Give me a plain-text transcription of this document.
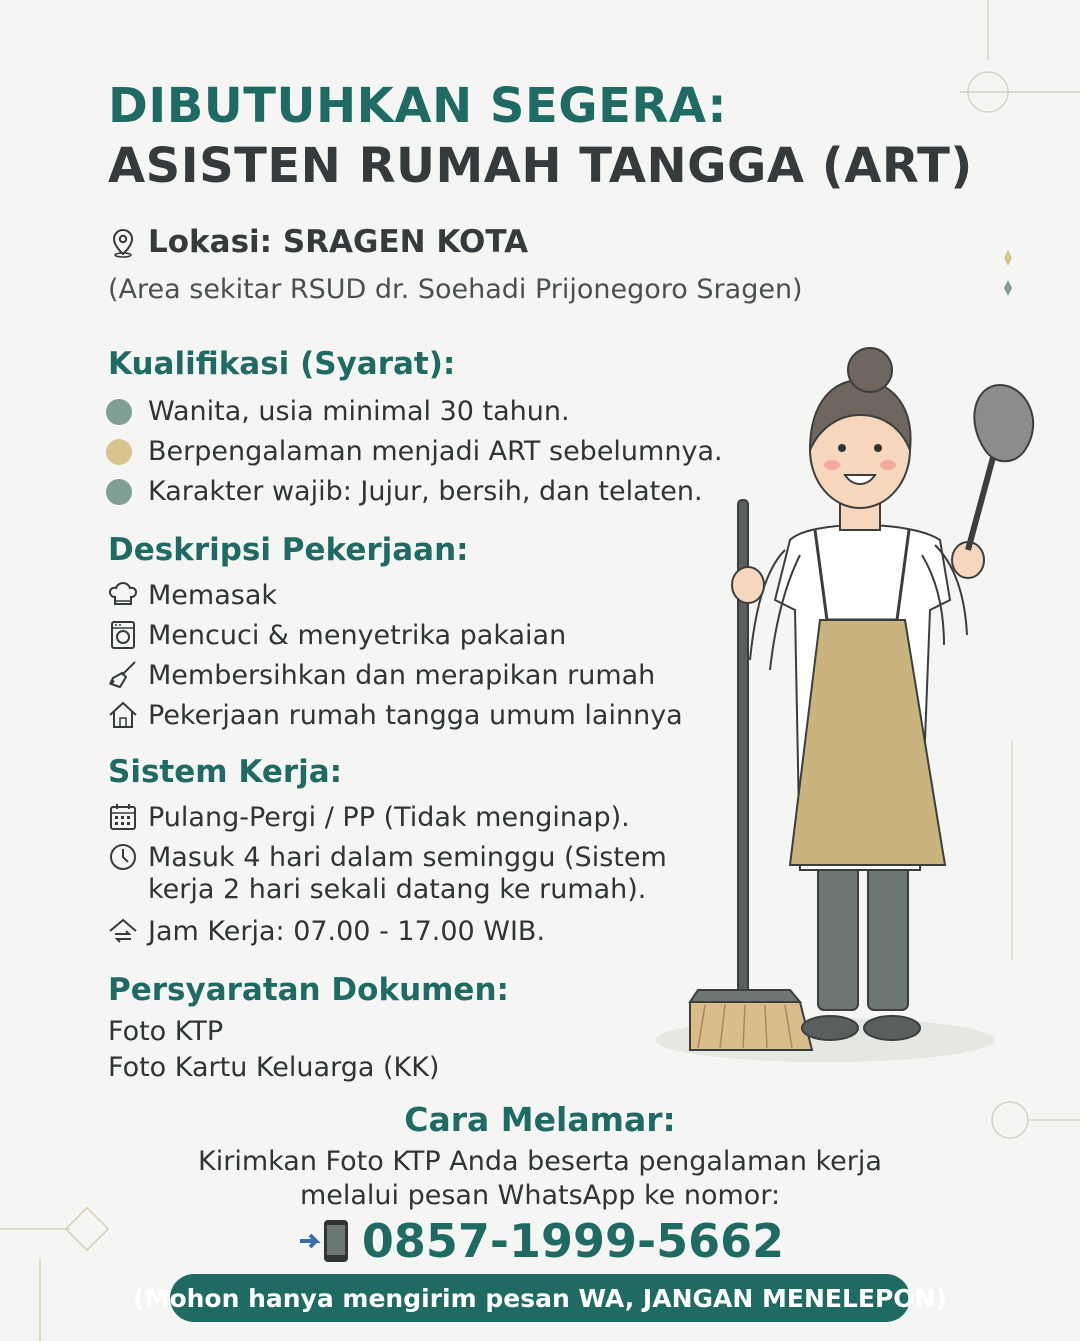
DIBUTUHKAN SEGERA:
ASISTEN RUMAH TANGGA (ART)
Lokasi: SRAGEN KOTA
(Area sekitar RSUD dr. Soehadi Prijonegoro Sragen)
Kualifikasi (Syarat):
Wanita, usia minimal 30 tahun.
Berpengalaman menjadi ART sebelumnya.
Karakter wajib: Jujur, bersih, dan telaten.
Deskripsi Pekerjaan:
Memasak
Mencuci & menyetrika pakaian
Membersihkan dan merapikan rumah
Pekerjaan rumah tangga umum lainnya
Sistem Kerja:
Pulang-Pergi / PP (Tidak menginap).
Masuk 4 hari dalam seminggu (Sistem
kerja 2 hari sekali datang ke rumah).
Jam Kerja: 07.00 - 17.00 WIB.
Persyaratan Dokumen:
Foto KTP
Foto Kartu Keluarga (KK)
Cara Melamar:
Kirimkan Foto KTP Anda beserta pengalaman kerja
melalui pesan WhatsApp ke nomor:
0857-1999-5662
(Mohon hanya mengirim pesan WA, JANGAN MENELEPON)
